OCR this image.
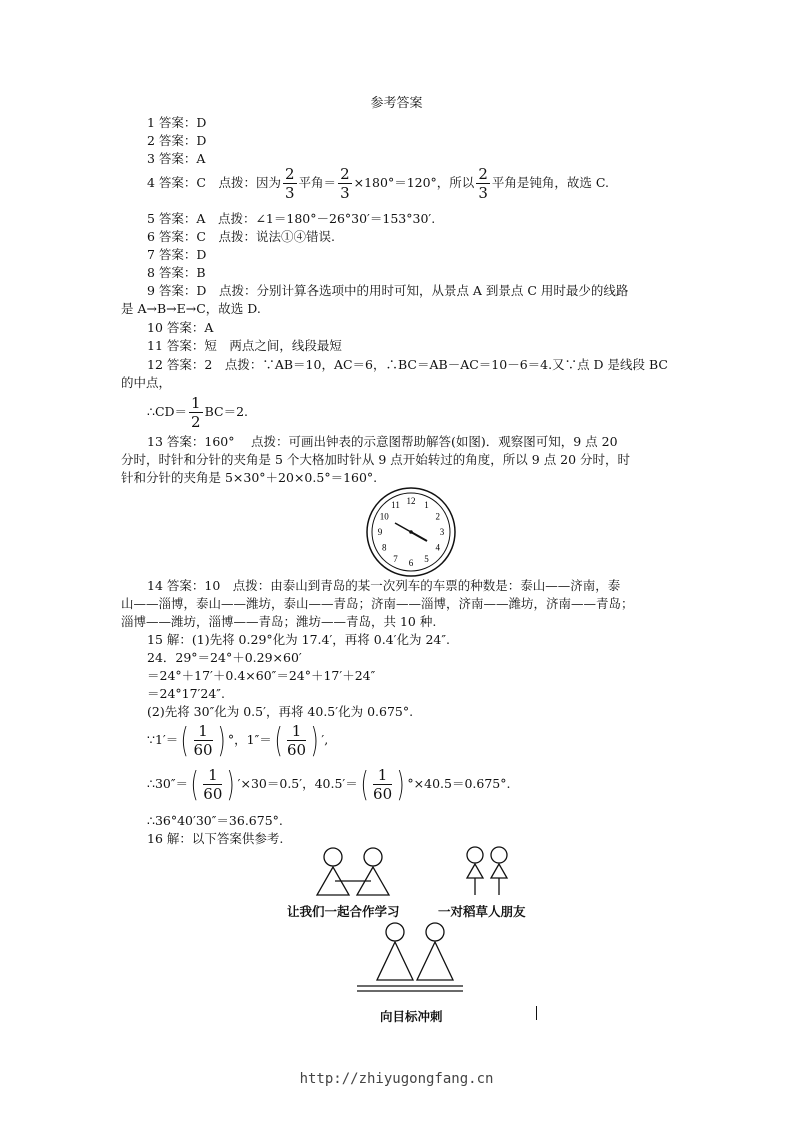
参考答案
1 答案：D
2 答案：D
3 答案：A
4 答案：C　点拨：因为 $\frac{2}{3}$ 平角＝ $\frac{2}{3} \times 180^\circ=120^\circ$，所以 $\frac{2}{3}$ 平角是钝角，故选 C.
5 答案：A　点拨：∠1＝180°－26°30′＝153°30′.
6 答案：C　点拨：说法①④错误.
7 答案：D
8 答案：B
9 答案：D　点拨：分别计算各选项中的用时可知，从景点 A 到景点 C 用时最少的线路
是 A→B→E→C，故选 D.
10 答案：A
11 答案：短　两点之间，线段最短
12 答案：2　点拨：∵AB＝10，AC＝6，∴BC＝AB－AC＝10－6＝4.又∵点 D 是线段 BC
的中点，
∴CD＝ $\frac{1}{2} BC=2$.
13 答案：160°　 点拨：可画出钟表的示意图帮助解答(如图)．观察图可知，9 点 20
分时，时针和分针的夹角是 5 个大格加时针从 9 点开始转过的角度，所以 9 点 20 分时，时
针和分针的夹角是 5×30°＋20×0.5°＝160°.
12 1
2
3
4
5
6
7
8
9
10
11
14 答案：10　点拨：由泰山到青岛的某一次列车的车票的种数是：泰山——济南，泰
山——淄博，泰山——潍坊，泰山——青岛；济南——淄博，济南——潍坊，济南——青岛；
淄博——潍坊，淄博——青岛；潍坊——青岛，共 10 种.
15 解：(1)先将 0.29°化为 17.4′，再将 0.4′化为 24″.
24．29°＝24°＋0.29×60′
＝24°＋17′＋0.4×60″＝24°＋17′＋24″
＝24°17′24″.
(2)先将 30″化为 0.5′，再将 40.5′化为 0.675°.
∵1′＝( $\frac{1}{60}$ ) °，$1''=( \frac{1}{60}$ ) ′,
∴30″＝( $\frac{1}{60}$ ) ′×30＝0.5′，$40.5'=( \frac{1}{60}$ ) °×40.5＝0.675°.
∴36°40′30″＝36.675°.
16 解：以下答案供参考.
让我们一起合作学习	一对稻草人朋友
向目标冲刺
http://zhiyugongfang.cn
